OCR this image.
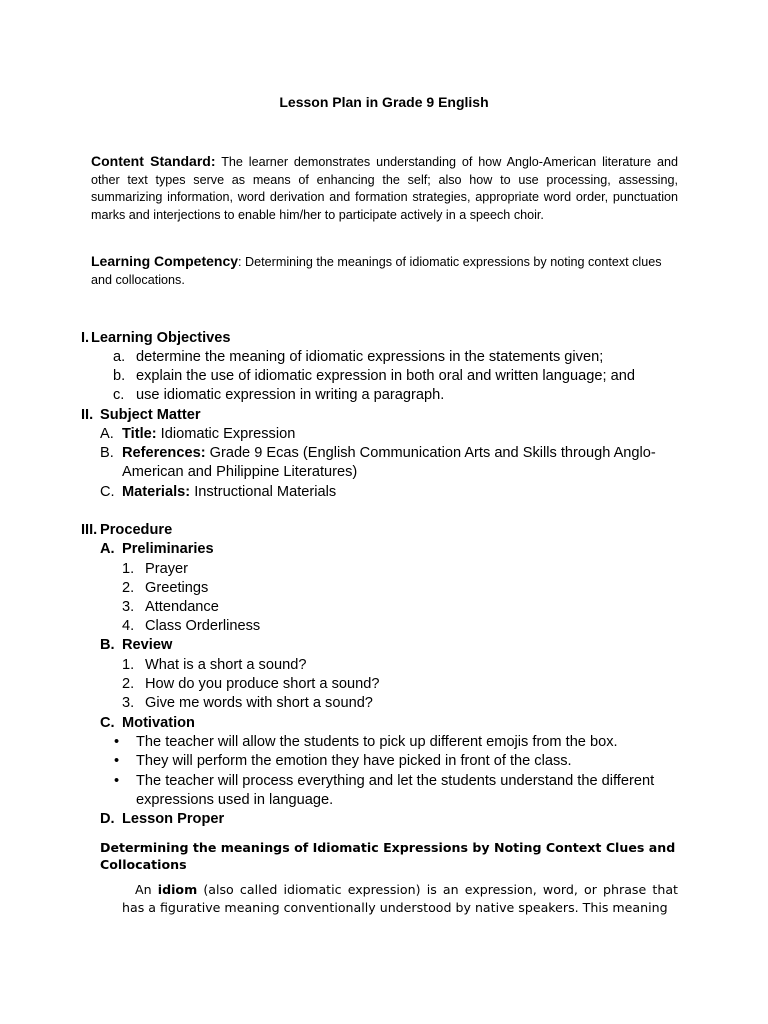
Lesson Plan in Grade 9 English
Content Standard: The learner demonstrates understanding of how Anglo-American literature and other text types serve as means of enhancing the self; also how to use processing, assessing, summarizing information, word derivation and formation strategies, appropriate word order, punctuation marks and interjections to enable him/her to participate actively in a speech choir.
Learning Competency: Determining the meanings of idiomatic expressions by noting context clues and collocations.
I. Learning Objectives
a. determine the meaning of idiomatic expressions in the statements given;
b. explain the use of idiomatic expression in both oral and written language; and
c. use idiomatic expression in writing a paragraph.
II. Subject Matter
A. Title: Idiomatic Expression
B. References: Grade 9 Ecas (English Communication Arts and Skills through Anglo-
American and Philippine Literatures)
C. Materials: Instructional Materials
III. Procedure
A. Preliminaries
1. Prayer
2. Greetings
3. Attendance
4. Class Orderliness
B. Review
1. What is a short a sound?
2. How do you produce short a sound?
3. Give me words with short a sound?
C. Motivation
• The teacher will allow the students to pick up different emojis from the box.
• They will perform the emotion they have picked in front of the class.
• The teacher will process everything and let the students understand the different
expressions used in language.
D. Lesson Proper
Determining the meanings of Idiomatic Expressions by Noting Context Clues and Collocations
An idiom (also called idiomatic expression) is an expression, word, or phrase that has a figurative meaning conventionally understood by native speakers. This meaning
